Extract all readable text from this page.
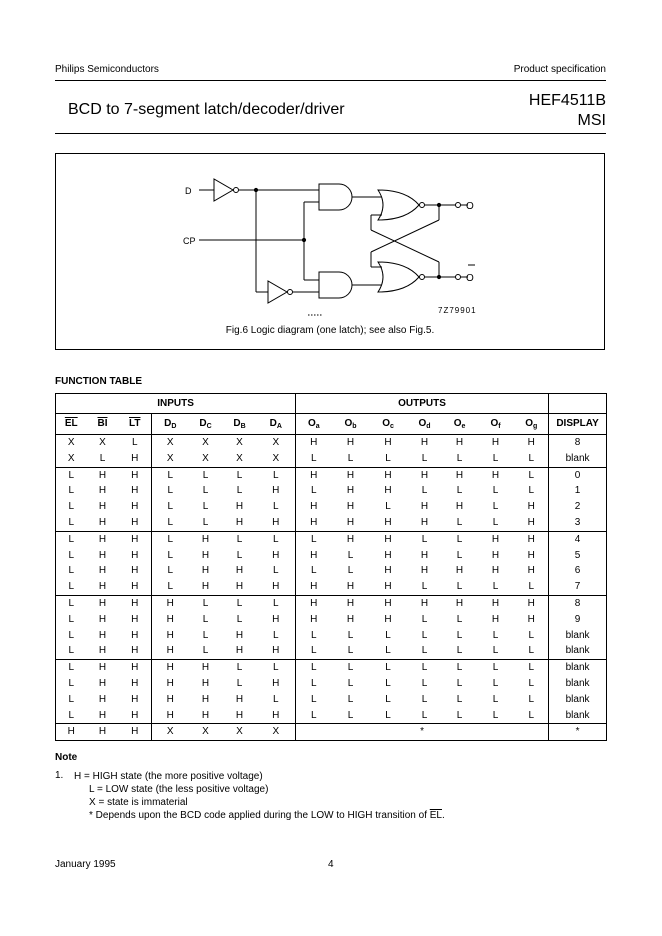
Philips Semiconductors	Product specification
BCD to 7-segment latch/decoder/driver
HEF4511B
MSI
D
CP
O
O
7Z79901
Fig.6 Logic diagram (one latch); see also Fig.5.
FUNCTION TABLE
INPUTS							OUTPUTS							
$\overline{EL}$	$\overline{BI}$	$\overline{LT}$	$D_D$	$D_C$	$D_B$	$D_A$	$O_a$	$O_b$	$O_c$	$O_d$	$O_e$	$O_f$	$O_g$	DISPLAY
X	X	L	X	X	X	X	H	H	H	H	H	H	H	8
X	L	H	X	X	X	X	L	L	L	L	L	L	L	blank
L	H	H	L	L	L	L	H	H	H	H	H	H	L	0
L	H	H	L	L	L	H	L	H	H	L	L	L	L	1
L	H	H	L	L	H	L	H	H	L	H	H	L	H	2
L	H	H	L	L	H	H	H	H	H	H	L	L	H	3
L	H	H	L	H	L	L	L	H	H	L	L	H	H	4
L	H	H	L	H	L	H	H	L	H	H	L	H	H	5
L	H	H	L	H	H	L	L	L	H	H	H	H	H	6
L	H	H	L	H	H	H	H	H	H	L	L	L	L	7
L	H	H	H	L	L	L	H	H	H	H	H	H	H	8
L	H	H	H	L	L	H	H	H	H	L	L	H	H	9
L	H	H	H	L	H	L	L	L	L	L	L	L	L	blank
L	H	H	H	L	H	H	L	L	L	L	L	L	L	blank
L	H	H	H	H	L	L	L	L	L	L	L	L	L	blank
L	H	H	H	H	L	H	L	L	L	L	L	L	L	blank
L	H	H	H	H	H	L	L	L	L	L	L	L	L	blank
L	H	H	H	H	H	H	L	L	L	L	L	L	L	blank
H	H	H	X	X	X	X	*							*
Note
1. H = HIGH state (the more positive voltage)
L = LOW state (the less positive voltage)
X = state is immaterial
* Depends upon the BCD code applied during the LOW to HIGH transition of $\overline{EL}$.
January 1995	4
